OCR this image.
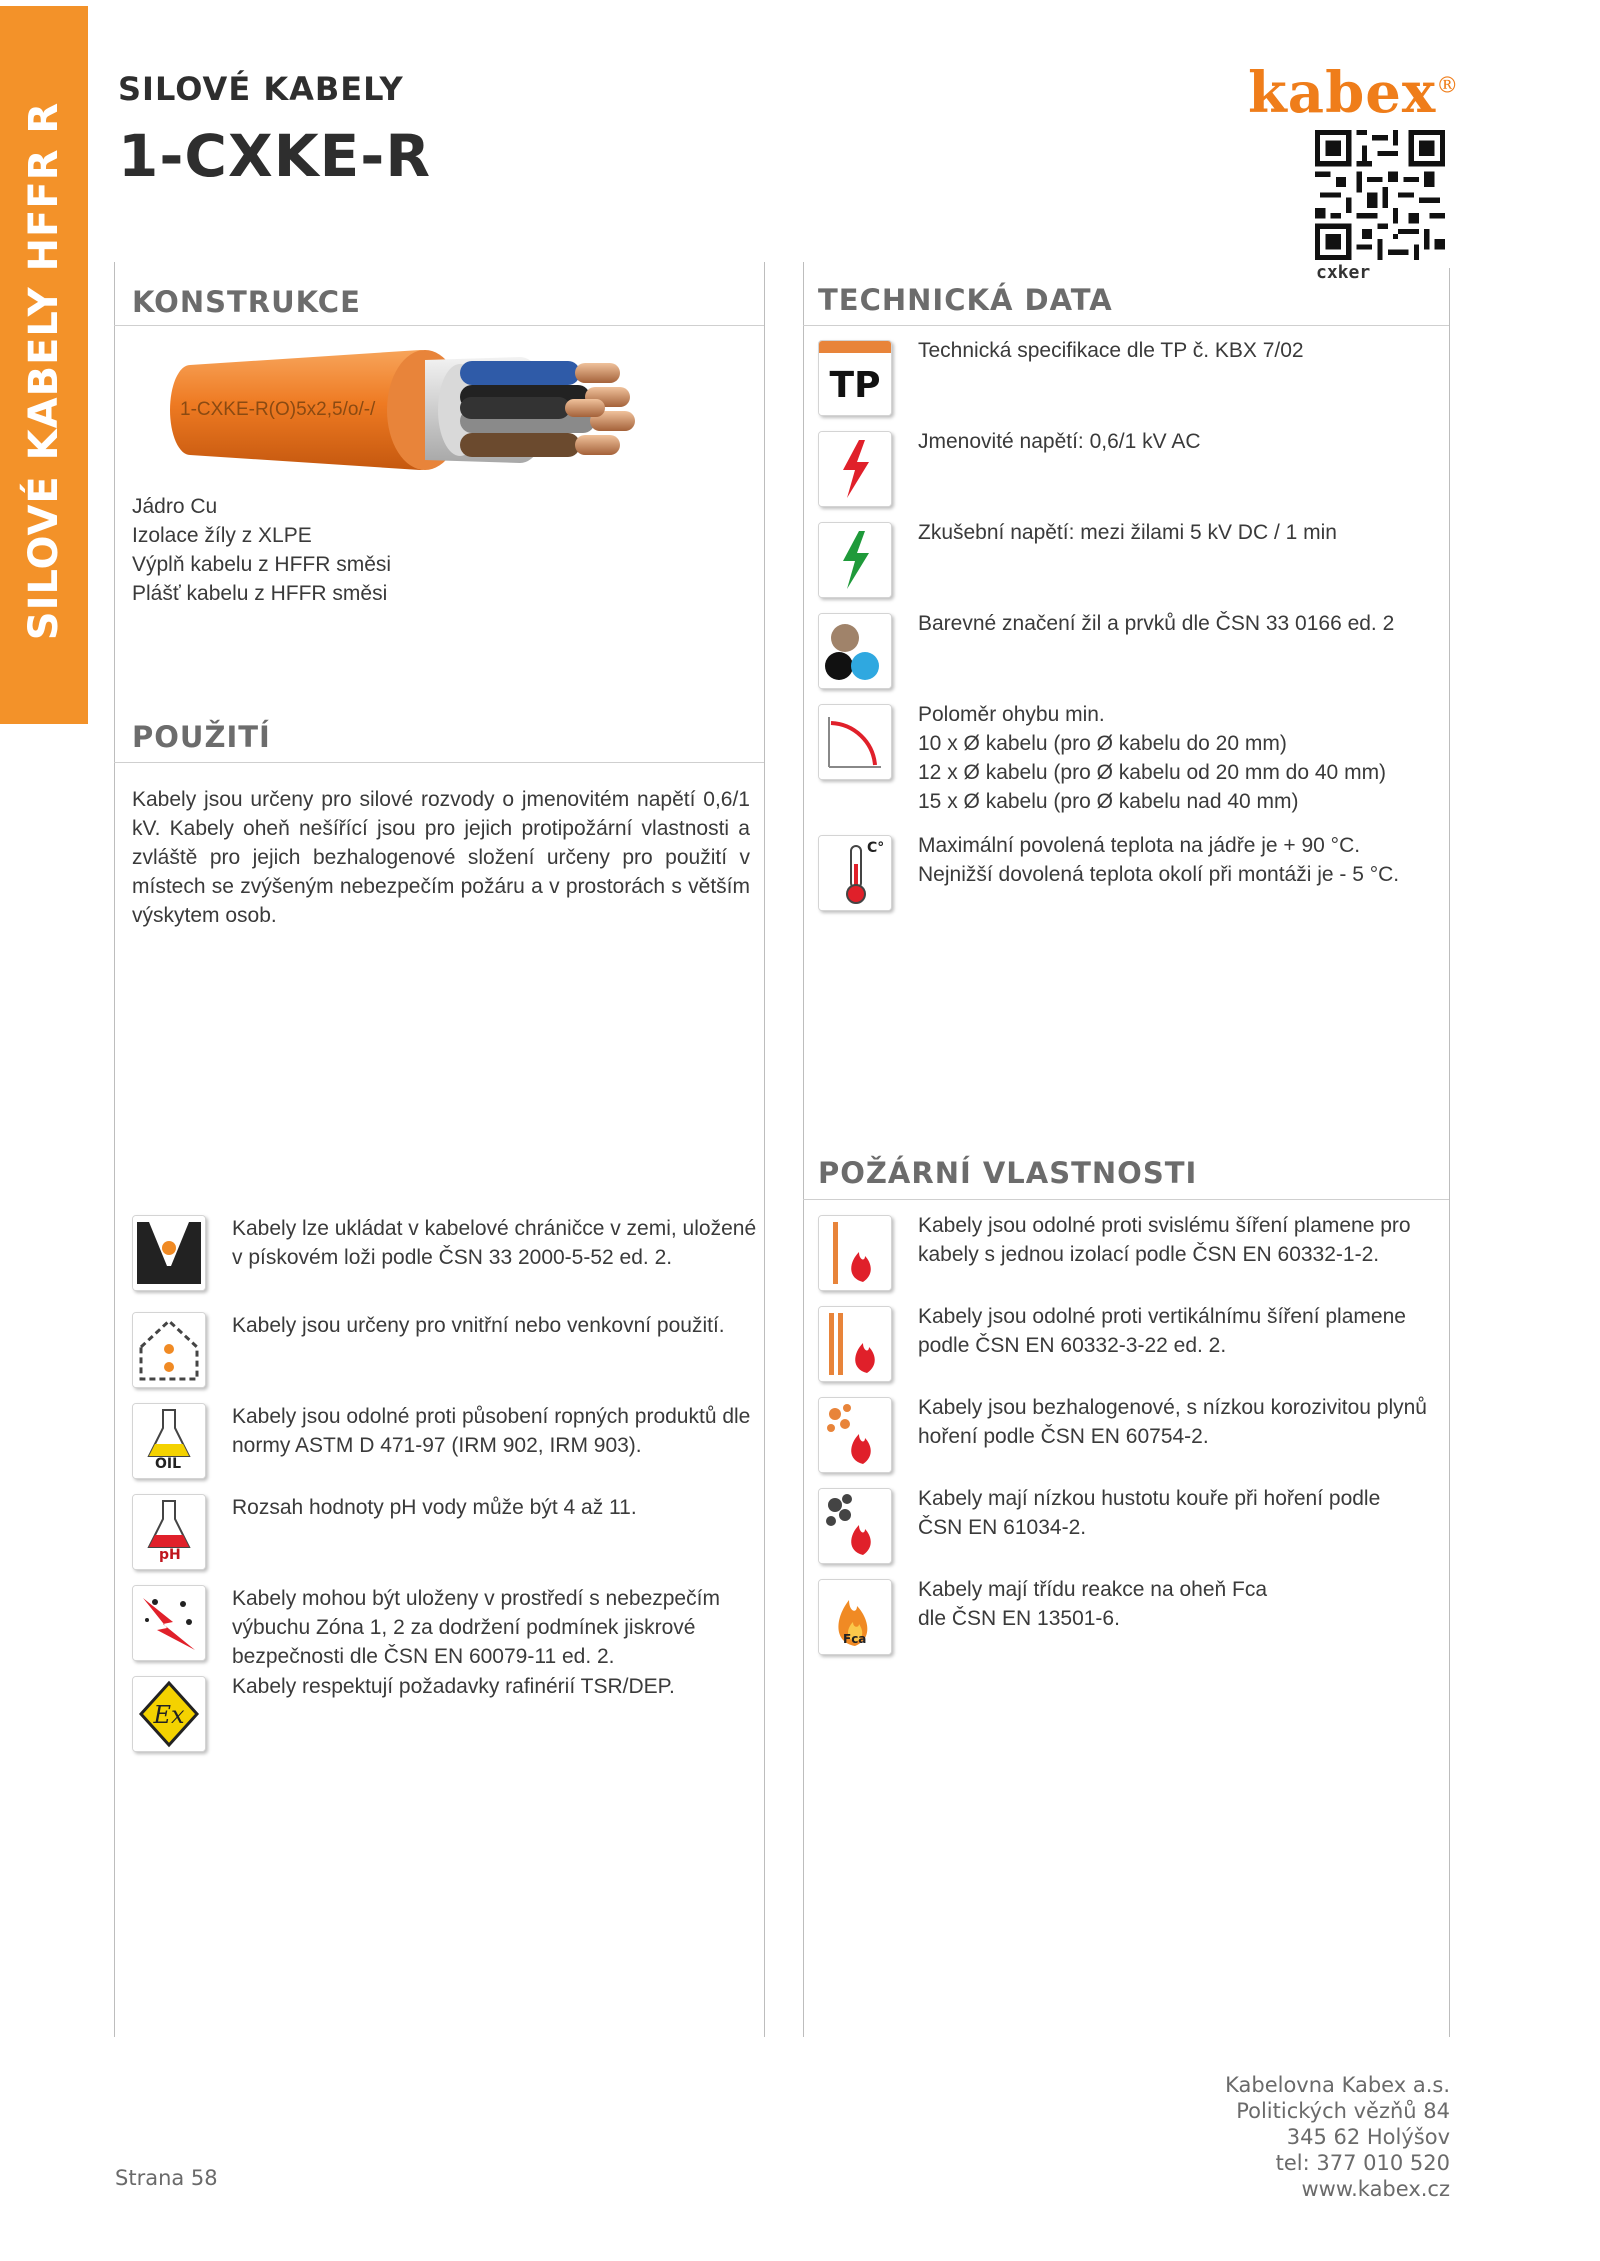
SILOVÉ KABELY HFFR R
SILOVÉ KABELY
1-CXKE-R
kabex®
cxker
KONSTRUKCE
1-CXKE-R(O)5x2,5/o/-/
Jádro Cu
Izolace žíly z XLPE
Výplň kabelu z HFFR směsi
Plášť kabelu z HFFR směsi
POUŽITÍ
Kabely jsou určeny pro silové rozvody o jmenovitém napětí 0,6/1 kV. Kabely oheň nešířící jsou pro jejich protipožární vlastnosti a zvláště pro jejich bezhalogenové složení určeny pro použití v místech se zvýšeným nebezpečím požáru a v prostorách s větším výskytem osob.
Kabely lze ukládat v kabelové chráničce v zemi, uložené v pískovém loži podle ČSN 33 2000-5-52 ed. 2.
Kabely jsou určeny pro vnitřní nebo venkovní použití.
OIL
Kabely jsou odolné proti působení ropných produktů dle normy ASTM D 471-97 (IRM 902, IRM 903).
pH
Rozsah hodnoty pH vody může být 4 až 11.
Kabely mohou být uloženy v prostředí s nebezpečím výbuchu Zóna 1, 2 za dodržení podmínek jiskrové bezpečnosti dle ČSN EN 60079-11 ed. 2.
Ex
Kabely respektují požadavky rafinérií TSR/DEP.
TECHNICKÁ DATA
TP
Technická specifikace dle TP č. KBX 7/02
Jmenovité napětí: 0,6/1 kV AC
Zkušební napětí: mezi žilami 5 kV DC / 1 min
Barevné značení žil a prvků dle ČSN 33 0166 ed. 2
Poloměr ohybu min.
10 x Ø kabelu (pro Ø kabelu do 20 mm)
12 x Ø kabelu (pro Ø kabelu od 20 mm do 40 mm)
15 x Ø kabelu (pro Ø kabelu nad 40 mm)
C° Maximální povolená teplota na jádře je + 90 °C.
Nejnižší dovolená teplota okolí při montáži je - 5 °C.
POŽÁRNÍ VLASTNOSTI
Kabely jsou odolné proti svislému šíření plamene pro
kabely s jednou izolací podle ČSN EN 60332-1-2.
Kabely jsou odolné proti vertikálnímu šíření plamene
podle ČSN EN 60332-3-22 ed. 2.
Kabely jsou bezhalogenové, s nízkou korozivitou plynů
hoření podle ČSN EN 60754-2.
Kabely mají nízkou hustotu kouře při hoření podle
ČSN EN 61034-2.
Fca
Kabely mají třídu reakce na oheň Fca
dle ČSN EN 13501-6.
Strana 58
Kabelovna Kabex a.s.
Politických vězňů 84
345 62 Holýšov
tel: 377 010 520
www.kabex.cz
